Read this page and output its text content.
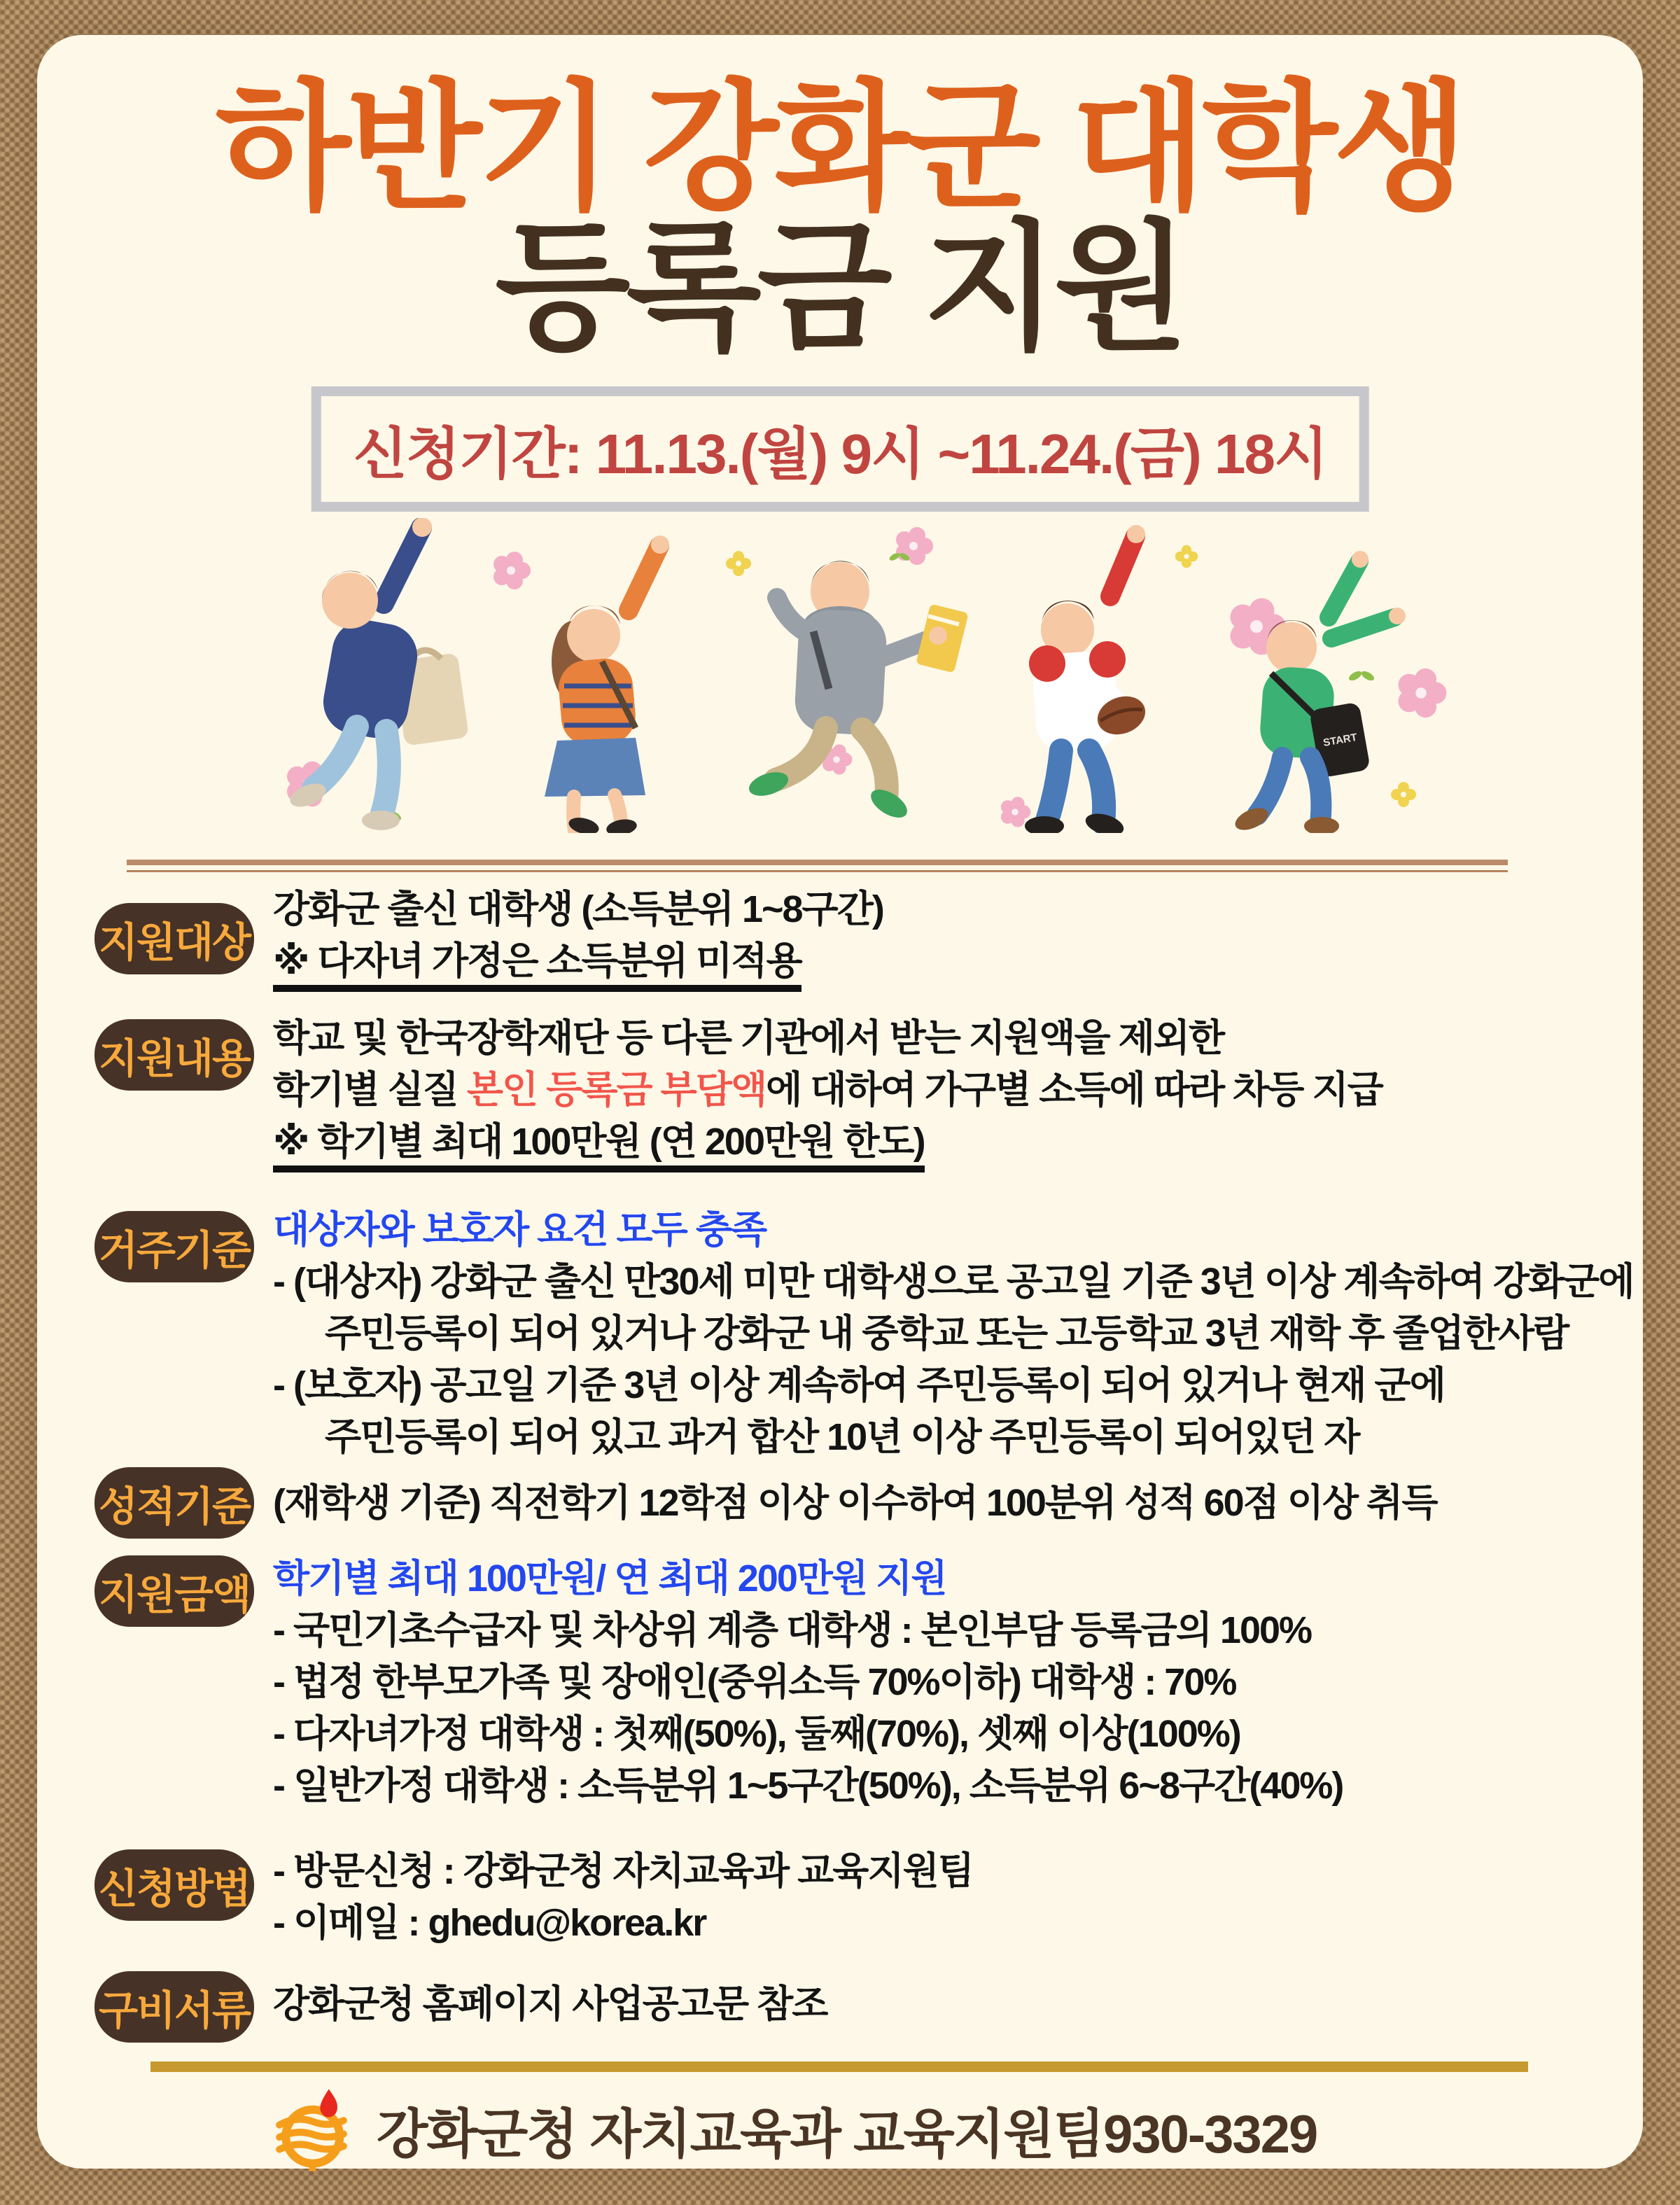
하반기 강화군 대학생
등록금 지원
신청기간: 11.13.(월) 9시 ~11.24.(금) 18시
START
지원대상
강화군 출신 대학생 (소득분위 1~8구간)
※ 다자녀 가정은 소득분위 미적용
지원내용 학교 및 한국장학재단 등 다른 기관에서 받는 지원액을 제외한
학기별 실질 본인 등록금 부담액에 대하여 가구별 소득에 따라 차등 지급
※ 학기별 최대 100만원 (연 200만원 한도)
거주기준 대상자와 보호자 요건 모두 충족
- (대상자) 강화군 출신 만30세 미만 대학생으로 공고일 기준 3년 이상 계속하여 강화군에
주민등록이 되어 있거나 강화군 내 중학교 또는 고등학교 3년 재학 후 졸업한사람
- (보호자) 공고일 기준 3년 이상 계속하여 주민등록이 되어 있거나 현재 군에
주민등록이 되어 있고 과거 합산 10년 이상 주민등록이 되어있던 자
성적기준 (재학생 기준) 직전학기 12학점 이상 이수하여 100분위 성적 60점 이상 취득
지원금액 학기별 최대 100만원/ 연 최대 200만원 지원
- 국민기초수급자 및 차상위 계층 대학생 : 본인부담 등록금의 100%
- 법정 한부모가족 및 장애인(중위소득 70%이하) 대학생 : 70%
- 다자녀가정 대학생 : 첫째(50%), 둘째(70%), 셋째 이상(100%)
- 일반가정 대학생 : 소득분위 1~5구간(50%), 소득분위 6~8구간(40%)
신청방법 - 방문신청 : 강화군청 자치교육과 교육지원팀
- 이메일 : ghedu@korea.kr
구비서류 강화군청 홈페이지 사업공고문 참조
강화군청 자치교육과 교육지원팀930-3329
